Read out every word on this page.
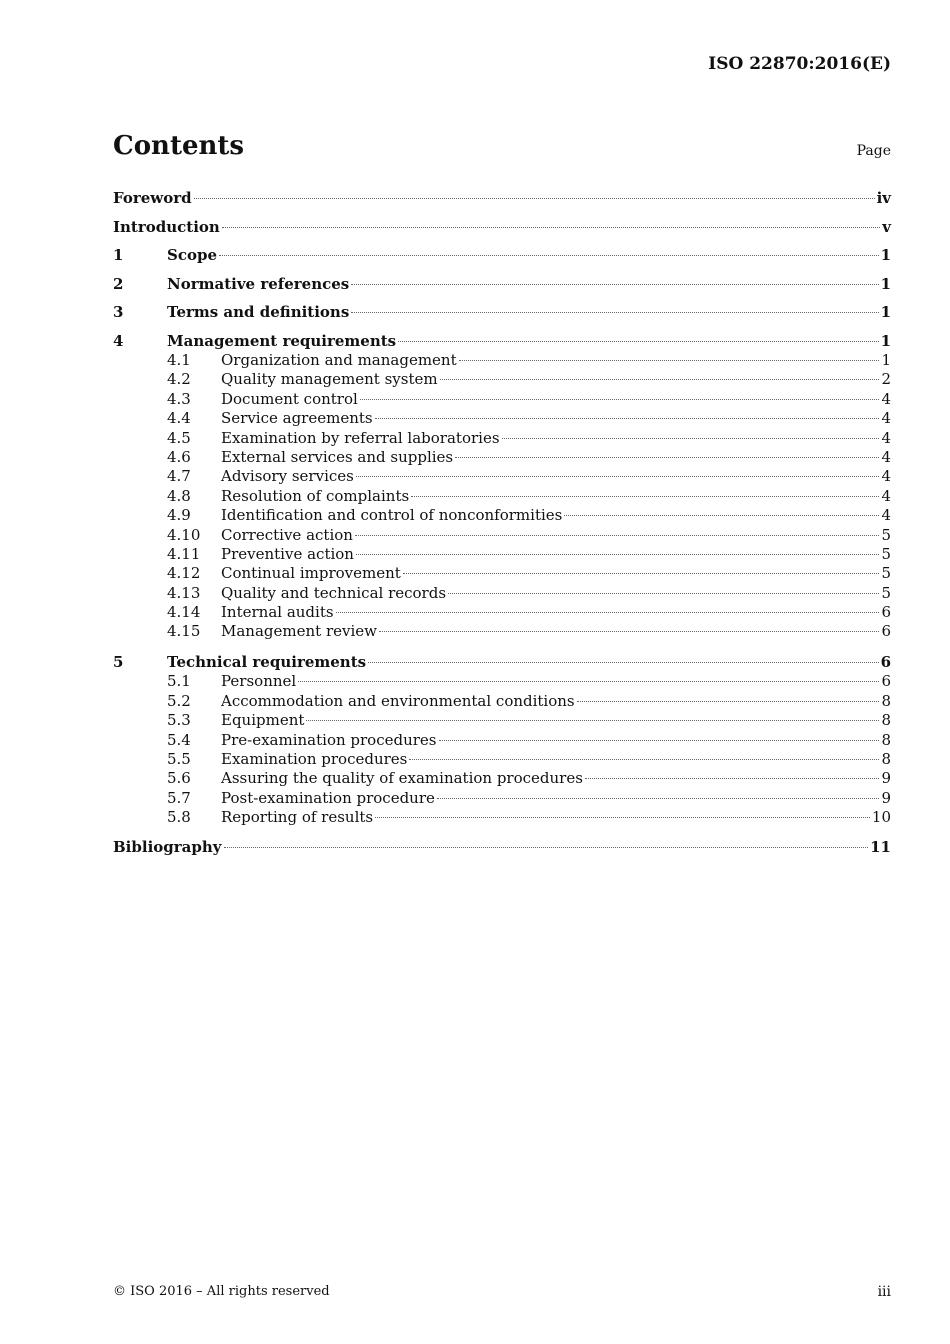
ISO 22870:2016(E)
Contents	Page
Foreword	iv
Introduction	v
1	Scope	1
2	Normative references	1
3	Terms and definitions	1
4	Management requirements	1
4.1	Organization and management	1
4.2	Quality management system	2
4.3	Document control	4
4.4	Service agreements	4
4.5	Examination by referral laboratories	4
4.6	External services and supplies	4
4.7	Advisory services	4
4.8	Resolution of complaints	4
4.9	Identification and control of nonconformities	4
4.10	Corrective action	5
4.11	Preventive action	5
4.12	Continual improvement	5
4.13	Quality and technical records	5
4.14	Internal audits	6
4.15	Management review	6
5	Technical requirements	6
5.1	Personnel	6
5.2	Accommodation and environmental conditions	8
5.3	Equipment	8
5.4	Pre-examination procedures	8
5.5	Examination procedures	8
5.6	Assuring the quality of examination procedures	9
5.7	Post-examination procedure	9
5.8	Reporting of results	10
Bibliography	11
© ISO 2016 – All rights reserved	iii
